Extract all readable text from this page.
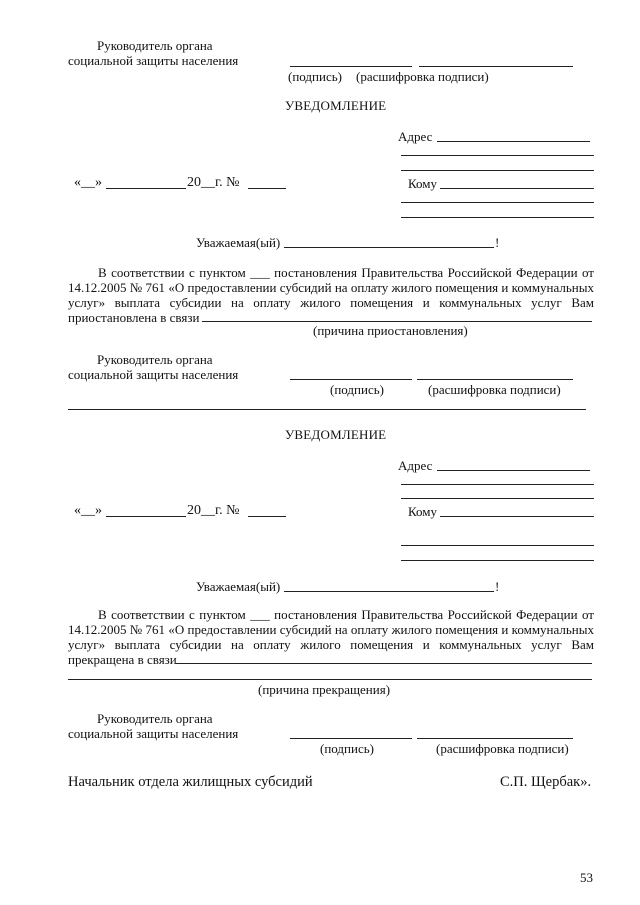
Руководитель органа
социальной защиты населения
(подпись) (расшифровка подписи)
УВЕДОМЛЕНИЕ
Адрес
«__»	20__г. №	Кому
Уважаемая(ый)	!
В соответствии с пунктом ___ постановления Правительства Российской Федерации от
14.12.2005 № 761 «О предоставлении субсидий на оплату жилого помещения и коммунальных
услуг» выплата субсидии на оплату жилого помещения и коммунальных услуг Вам
приостановлена в связи
(причина приостановления)
Руководитель органа
социальной защиты населения
(подпись)	(расшифровка подписи)
УВЕДОМЛЕНИЕ
Адрес
«__»	20__г. №	Кому
Уважаемая(ый)	!
В соответствии с пунктом ___ постановления Правительства Российской Федерации от
14.12.2005 № 761 «О предоставлении субсидий на оплату жилого помещения и коммунальных
услуг» выплата субсидии на оплату жилого помещения и коммунальных услуг Вам
прекращена в связи
(причина прекращения)
Руководитель органа
социальной защиты населения
(подпись)	(расшифровка подписи)
Начальник отдела жилищных субсидий	С.П. Щербак».
53
